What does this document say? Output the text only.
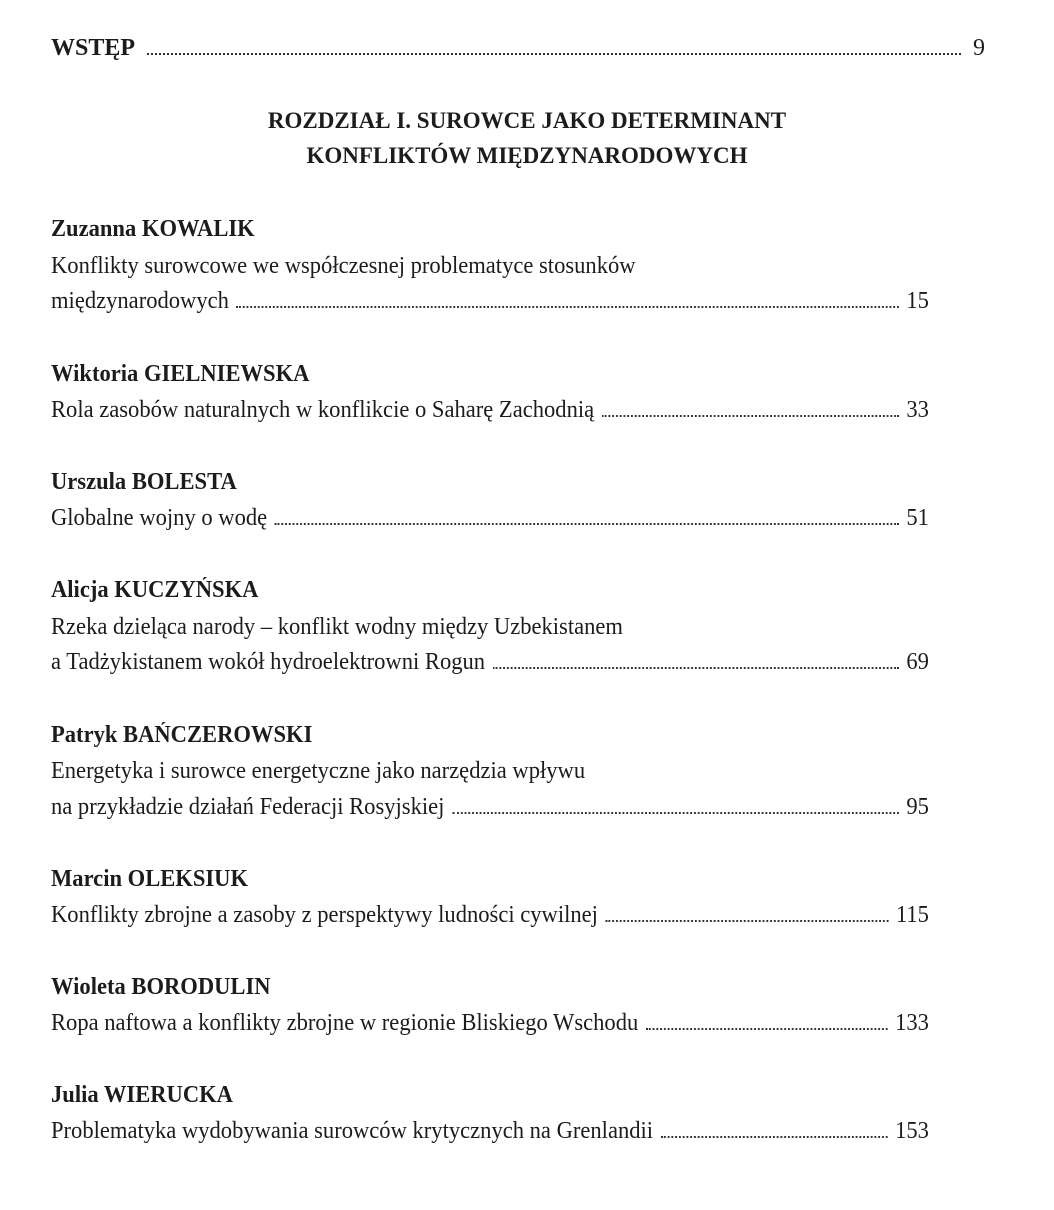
WSTĘP	9
ROZDZIAŁ I. SUROWCE JAKO DETERMINANT
KONFLIKTÓW MIĘDZYNARODOWYCH
Zuzanna KOWALIK
Konflikty surowcowe we współczesnej problematyce stosunków
międzynarodowych	15
Wiktoria GIELNIEWSKA
Rola zasobów naturalnych w konflikcie o Saharę Zachodnią	33
Urszula BOLESTA
Globalne wojny o wodę	51
Alicja KUCZYŃSKA
Rzeka dzieląca narody – konflikt wodny między Uzbekistanem
a Tadżykistanem wokół hydroelektrowni Rogun	69
Patryk BAŃCZEROWSKI
Energetyka i surowce energetyczne jako narzędzia wpływu
na przykładzie działań Federacji Rosyjskiej	95
Marcin OLEKSIUK
Konflikty zbrojne a zasoby z perspektywy ludności cywilnej	115
Wioleta BORODULIN
Ropa naftowa a konflikty zbrojne w regionie Bliskiego Wschodu	133
Julia WIERUCKA
Problematyka wydobywania surowców krytycznych na Grenlandii	153
